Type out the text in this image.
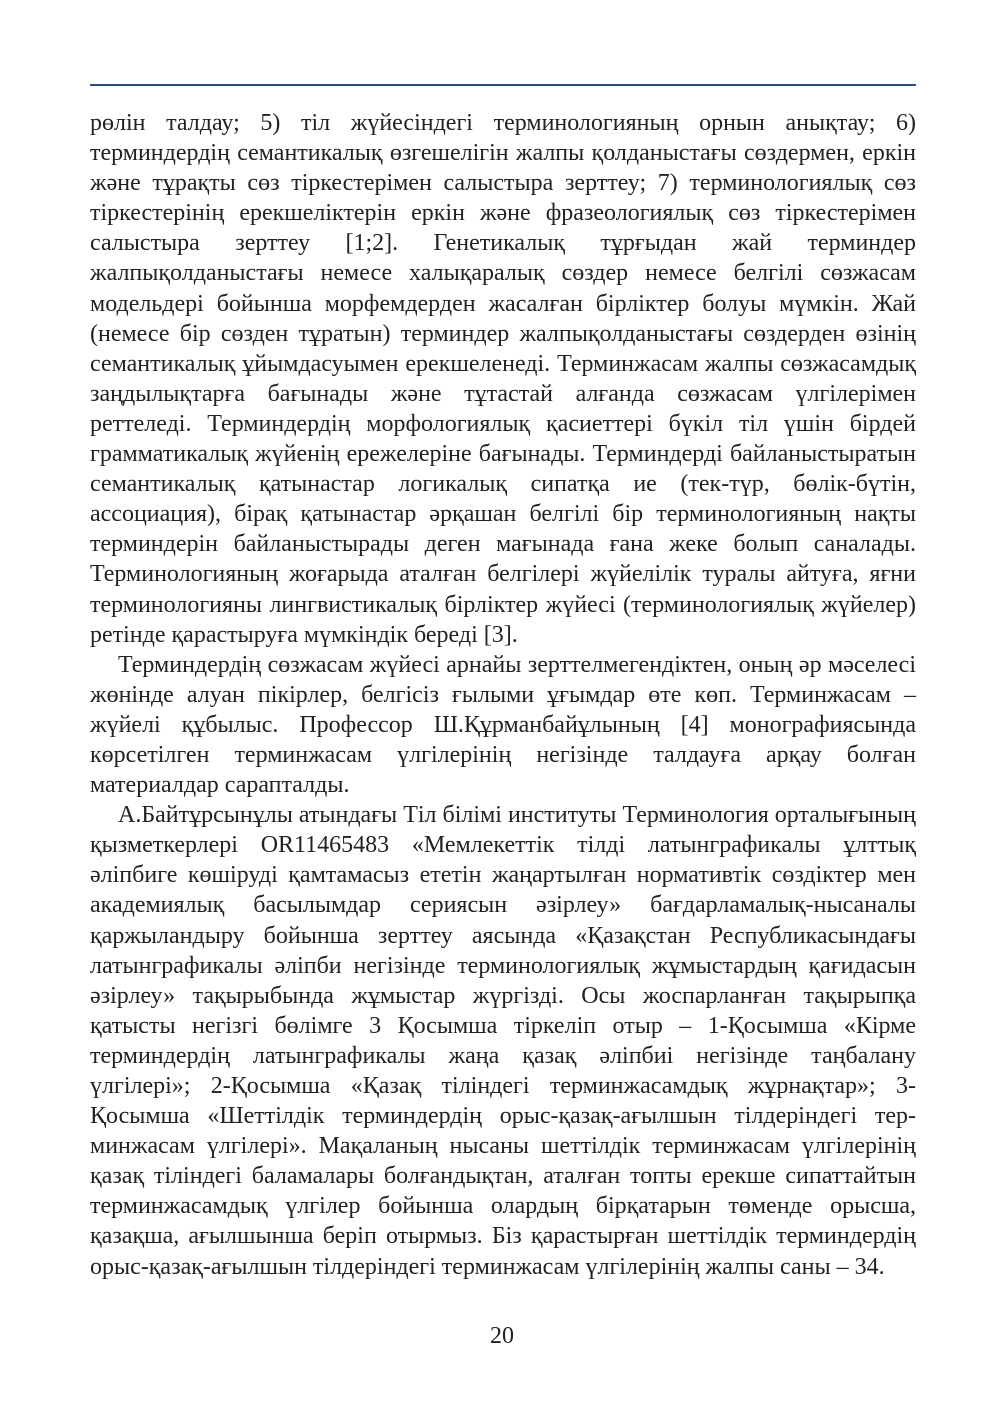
рөлін талдау; 5) тіл жүйесіндегі терминологияның орнын анықтау; 6) терминдердің семантикалық өзгешелігін жалпы қолданыстағы сөздермен, еркін және тұрақты сөз тіркестерімен салыстыра зерттеу; 7) терминологиялық сөз тіркестерінің ерекшеліктерін еркін және фразеологиялық сөз тіркестерімен салыстыра зерттеу [1;2]. Генетикалық тұрғыдан жай терминдер жалпықолданыстағы немесе халықаралық сөздер немесе белгілі сөзжасам модельдері бойынша морфемдерден жасалған бірліктер болуы мүмкін. Жай (немесе бір сөзден тұратын) терминдер жалпықолданыстағы сөздерден өзінің семантикалық ұйымдасуымен ерекшеленеді. Терминжасам жалпы сөзжасамдық заңдылықтарға бағынады және тұтастай алғанда сөзжасам үлгілерімен реттеледі. Терминдердің морфологиялық қасиеттері бүкіл тіл үшін бірдей грамматикалық жүйенің ережелеріне бағынады. Терминдерді байланыстыратын семантикалық қатынастар логикалық сипатқа ие (тек-түр, бөлік-бүтін, ассоциация), бірақ қатынастар әрқашан белгілі бір терминологияның нақты терминдерін байланыстырады деген мағынада ғана жеке болып саналады. Терминологияның жоғарыда аталған белгілері жүйелілік туралы айтуға, яғни терминологияны лингвистикалық бірліктер жүйесі (терминологиялық жүйелер) ретінде қарастыруға мүмкіндік береді [3].

Терминдердің сөзжасам жүйесі арнайы зерттелмегендіктен, оның әр мәселесі жөнінде алуан пікірлер, белгісіз ғылыми ұғымдар өте көп. Терминжасам – жүйелі құбылыс. Профессор Ш.Құрманбайұлының [4] монографиясында көрсетілген терминжасам үлгілерінің негізінде талдауға арқау болған материалдар сарапталды.

А.Байтұрсынұлы атындағы Тіл білімі институты Терминология орталығының қызметкерлері OR11465483 «Мемлекеттік тілді латынграфикалы ұлттық әліпбиге көшіруді қамтамасыз ететін жаңартылған нормативтік сөздіктер мен академиялық басылымдар сериясын әзірлеу» бағдарламалық-нысаналы қаржыландыру бойынша зерттеу аясында «Қазақстан Республикасындағы латынграфикалы әліпби негізінде терминологиялық жұмыстардың қағидасын әзірлеу» тақырыбында жұмыстар жүргізді. Осы жоспарланған тақырыпқа қатысты негізгі бөлімге 3 Қосымша тіркеліп отыр – 1-Қосымша «Кірме терминдердің латынграфикалы жаңа қазақ әліпбиі негізінде таңбалану үлгілері»; 2-Қосымша «Қазақ тіліндегі терминжасамдық жұрнақтар»; 3-Қосымша «Шеттілдік терминдердің орыс-қазақ-ағылшын тілдеріндегі терминжасам үлгілері». Мақаланың нысаны шеттілдік терминжасам үлгілерінің қазақ тіліндегі баламалары болғандықтан, аталған топты ерекше сипаттайтын терминжасамдық үлгілер бойынша олардың бірқатарын төменде орысша, қазақша, ағылшынша беріп отырмыз. Біз қарастырған шеттілдік терминдердің орыс-қазақ-ағылшын тілдеріндегі терминжасам үлгілерінің жалпы саны – 34.

20
